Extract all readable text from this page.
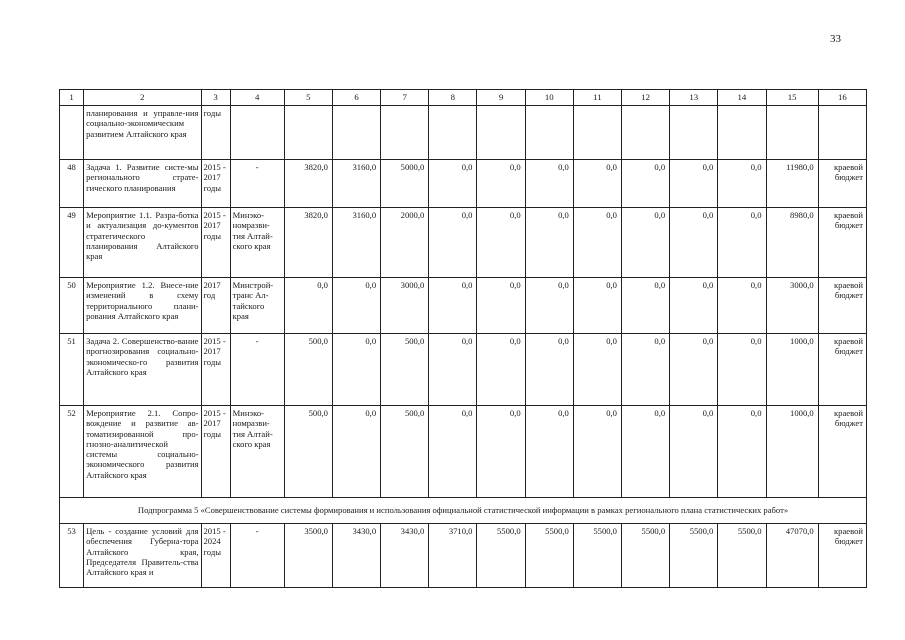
33
1	2	3	4	5	6	7	8	9	10	11	12	13	14	15	16
	планирования и управле-ния социально-экономическим развитием Алтайского края	годы													
48	Задача 1. Развитие систе-мы регионального страте-гического планирования	2015 - 2017 годы	-	3820,0	3160,0	5000,0	0,0	0,0	0,0	0,0	0,0	0,0	0,0	11980,0	краевой бюджет
49	Мероприятие 1.1. Разра-ботка и актуализация до-кументов стратегического планирования Алтайского края	2015 - 2017 годы	Минэко-номразви-тия Алтай-ского края	3820,0	3160,0	2000,0	0,0	0,0	0,0	0,0	0,0	0,0	0,0	8980,0	краевой бюджет
50	Мероприятие 1.2. Внесе-ние изменений в схему территориального плани-рования Алтайского края	2017 год	Минстрой-транс Ал-тайского края	0,0	0,0	3000,0	0,0	0,0	0,0	0,0	0,0	0,0	0,0	3000,0	краевой бюджет
51	Задача 2. Совершенство-вание прогнозирования социально-экономическо-го развития Алтайского края	2015 - 2017 годы	-	500,0	0,0	500,0	0,0	0,0	0,0	0,0	0,0	0,0	0,0	1000,0	краевой бюджет
52	Мероприятие 2.1. Сопро-вождение и развитие ав-томатизированной про-гнозно-аналитической системы социально-экономического развития Алтайского края	2015 - 2017 годы	Минэко-номразви-тия Алтай-ского края	500,0	0,0	500,0	0,0	0,0	0,0	0,0	0,0	0,0	0,0	1000,0	краевой бюджет
Подпрограмма 5 «Совершенствование системы формирования и использования официальной статистической информации в рамках регионального плана статистических работ»															
53	Цель - создание условий для обеспечения Губерна-тора Алтайского края, Председателя Правитель-ства Алтайского края и	2015 - 2024 годы	-	3500,0	3430,0	3430,0	3710,0	5500,0	5500,0	5500,0	5500,0	5500,0	5500,0	47070,0	краевой бюджет
